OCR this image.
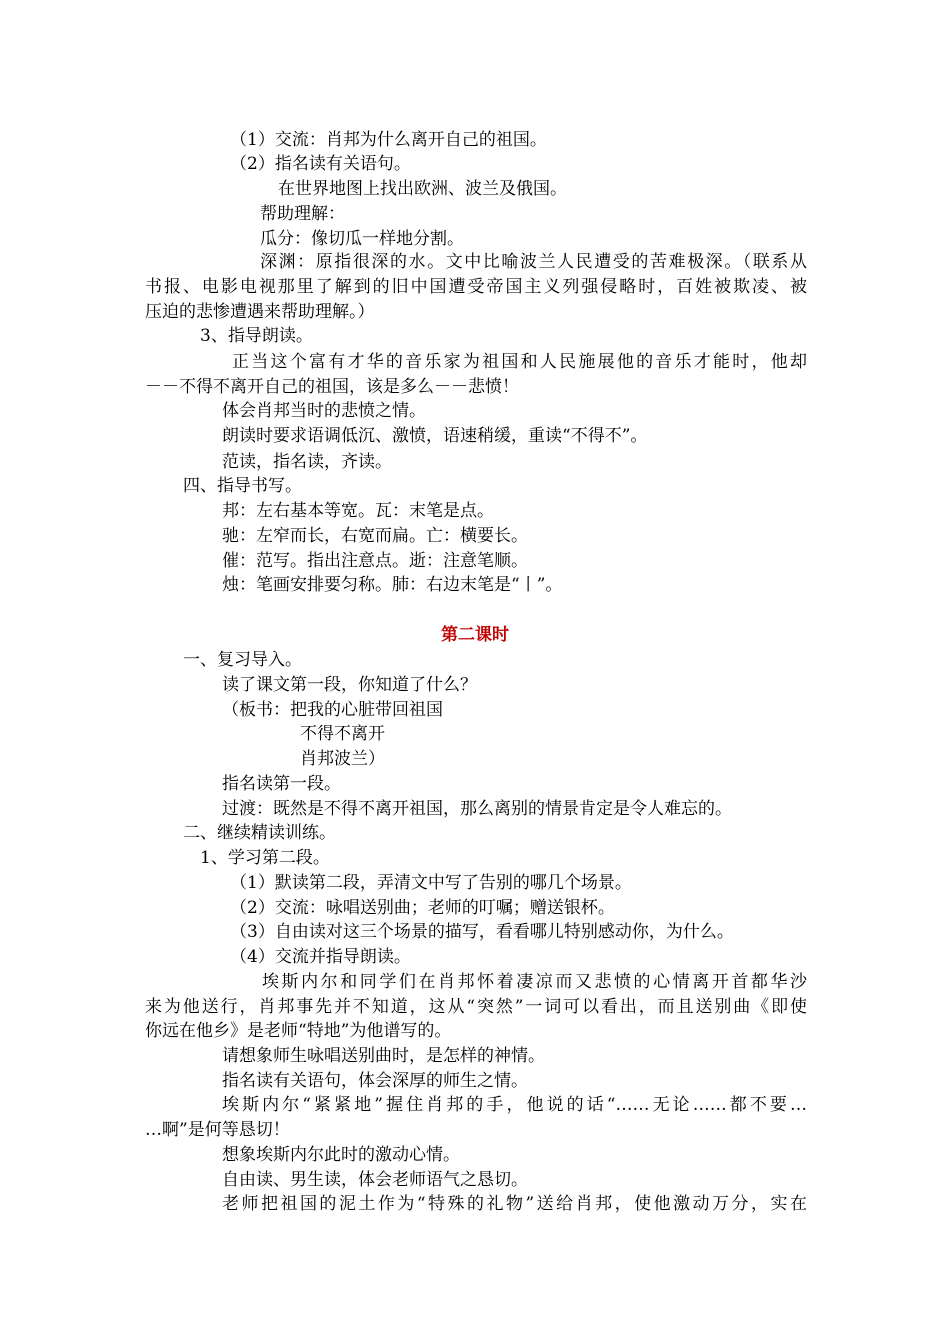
（1）交流：肖邦为什么离开自己的祖国。

（2）指名读有关语句。

在世界地图上找出欧洲、波兰及俄国。

帮助理解：

瓜分：像切瓜一样地分割。

深渊：原指很深的水。文中比喻波兰人民遭受的苦难极深。（联系从

书报、电影电视那里了解到的旧中国遭受帝国主义列强侵略时，百姓被欺凌、被

压迫的悲惨遭遇来帮助理解。）

3、指导朗读。

正当这个富有才华的音乐家为祖国和人民施展他的音乐才能时，他却

－－不得不离开自己的祖国，该是多么－－悲愤！

体会肖邦当时的悲愤之情。

朗读时要求语调低沉、激愤，语速稍缓，重读“不得不”。

范读，指名读，齐读。

四、指导书写。

邦：左右基本等宽。瓦：末笔是点。

驰：左窄而长，右宽而扁。亡：横要长。

催：范写。指出注意点。逝：注意笔顺。

烛：笔画安排要匀称。肺：右边末笔是“丨”。

第二课时

一、复习导入。

读了课文第一段，你知道了什么？

（板书：把我的心脏带回祖国

不得不离开

肖邦波兰）

指名读第一段。

过渡：既然是不得不离开祖国，那么离别的情景肯定是令人难忘的。

二、继续精读训练。

1、学习第二段。

（1）默读第二段，弄清文中写了告别的哪几个场景。

（2）交流：咏唱送别曲；老师的叮嘱；赠送银杯。

（3）自由读对这三个场景的描写，看看哪儿特别感动你，为什么。

（4）交流并指导朗读。

埃斯内尔和同学们在肖邦怀着凄凉而又悲愤的心情离开首都华沙

来为他送行，肖邦事先并不知道，这从“突然”一词可以看出，而且送别曲《即使

你远在他乡》是老师“特地”为他谱写的。

请想象师生咏唱送别曲时，是怎样的神情。

指名读有关语句，体会深厚的师生之情。

埃斯内尔“紧紧地”握住肖邦的手，他说的话“……无论……都不要…

…啊”是何等恳切！

想象埃斯内尔此时的激动心情。

自由读、男生读，体会老师语气之恳切。

老师把祖国的泥土作为“特殊的礼物”送给肖邦，使他激动万分，实在
